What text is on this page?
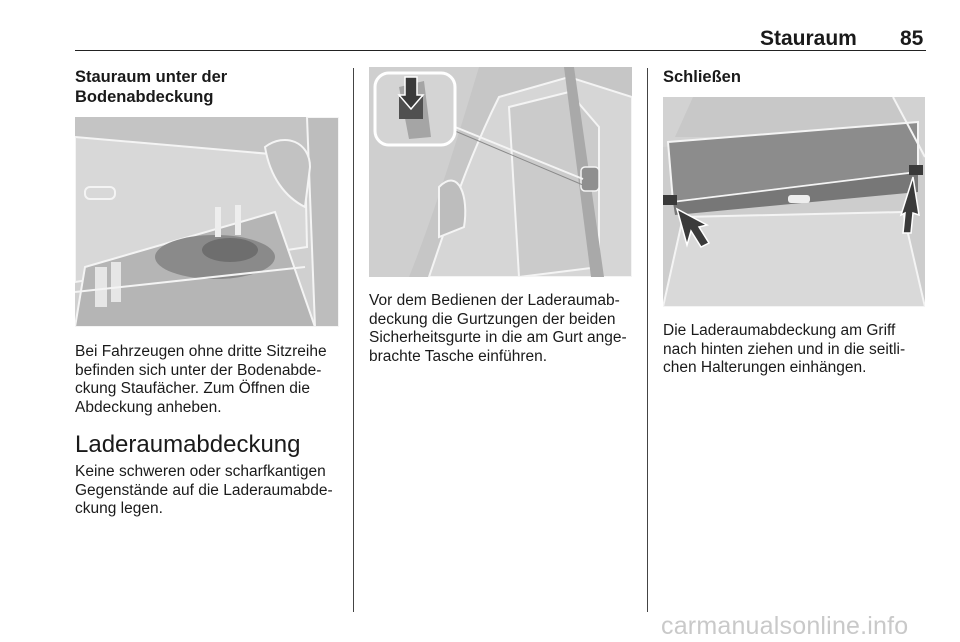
Stauraum 85
Stauraum unter der
Bodenabdeckung
Bei Fahrzeugen ohne dritte Sitzreihe
befinden sich unter der Bodenabde-
ckung Staufächer. Zum Öffnen die
Abdeckung anheben.
Laderaumabdeckung
Keine schweren oder scharfkantigen
Gegenstände auf die Laderaumabde-
ckung legen.
Vor dem Bedienen der Laderaumab-
deckung die Gurtzungen der beiden
Sicherheitsgurte in die am Gurt ange-
brachte Tasche einführen.
Schließen
Die Laderaumabdeckung am Griff
nach hinten ziehen und in die seitli-
chen Halterungen einhängen.
carmanualsonline.info
